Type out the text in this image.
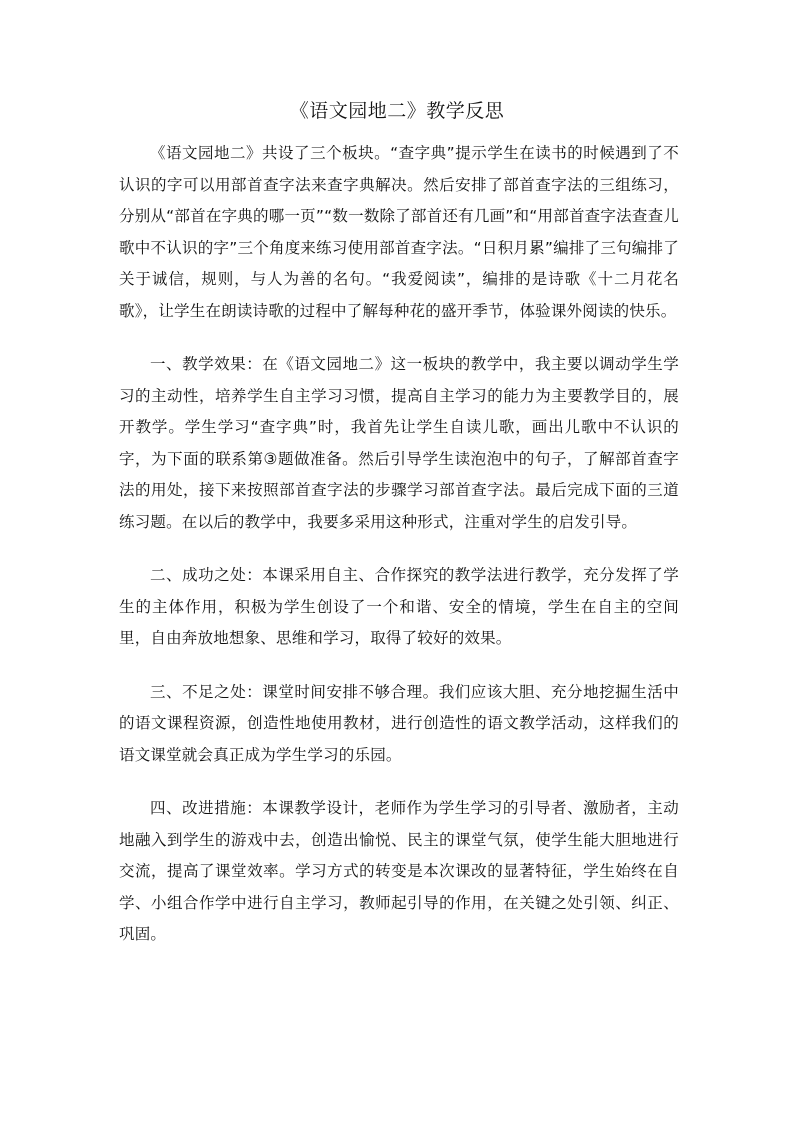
《语文园地二》教学反思

《语文园地二》共设了三个板块。“查字典”提示学生在读书的时候遇到了不认识的字可以用部首查字法来查字典解决。然后安排了部首查字法的三组练习，分别从“部首在字典的哪一页”“数一数除了部首还有几画”和“用部首查字法查查儿歌中不认识的字”三个角度来练习使用部首查字法。“日积月累”编排了三句编排了关于诚信，规则，与人为善的名句。“我爱阅读”，编排的是诗歌《十二月花名歌》，让学生在朗读诗歌的过程中了解每种花的盛开季节，体验课外阅读的快乐。

一、教学效果：在《语文园地二》这一板块的教学中，我主要以调动学生学习的主动性，培养学生自主学习习惯，提高自主学习的能力为主要教学目的，展开教学。学生学习“查字典”时，我首先让学生自读儿歌，画出儿歌中不认识的字，为下面的联系第③题做准备。然后引导学生读泡泡中的句子，了解部首查字法的用处，接下来按照部首查字法的步骤学习部首查字法。最后完成下面的三道练习题。在以后的教学中，我要多采用这种形式，注重对学生的启发引导。

二、成功之处：本课采用自主、合作探究的教学法进行教学，充分发挥了学生的主体作用，积极为学生创设了一个和谐、安全的情境，学生在自主的空间里，自由奔放地想象、思维和学习，取得了较好的效果。

三、不足之处：课堂时间安排不够合理。我们应该大胆、充分地挖掘生活中的语文课程资源，创造性地使用教材，进行创造性的语文教学活动，这样我们的语文课堂就会真正成为学生学习的乐园。

四、改进措施：本课教学设计，老师作为学生学习的引导者、激励者，主动地融入到学生的游戏中去，创造出愉悦、民主的课堂气氛，使学生能大胆地进行交流，提高了课堂效率。学习方式的转变是本次课改的显著特征，学生始终在自学、小组合作学中进行自主学习，教师起引导的作用，在关键之处引领、纠正、巩固。
